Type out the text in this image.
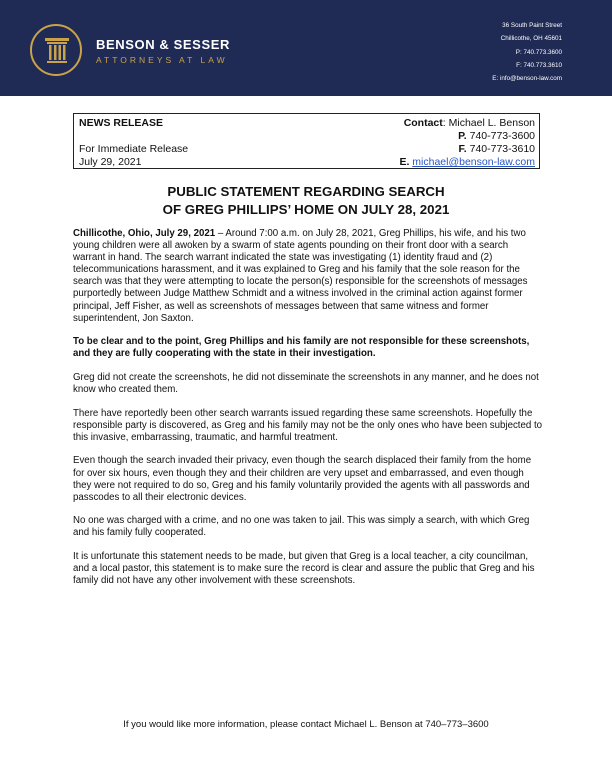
BENSON & SESSER
ATTORNEYS AT LAW
36 South Paint Street
Chillicothe, OH 45601
P: 740.773.3600
F: 740.773.3610
E: info@benson-law.com
NEWS RELEASE
For Immediate Release
July 29, 2021
Contact: Michael L. Benson
P. 740-773-3600
F. 740-773-3610
E. michael@benson-law.com
PUBLIC STATEMENT REGARDING SEARCH
OF GREG PHILLIPS’ HOME ON JULY 28, 2021

Chillicothe, Ohio, July 29, 2021 – Around 7:00 a.m. on July 28, 2021, Greg Phillips, his wife, and his two young children were all awoken by a swarm of state agents pounding on their front door with a search warrant in hand. The search warrant indicated the state was investigating (1) identity fraud and (2) telecommunications harassment, and it was explained to Greg and his family that the sole reason for the search was that they were attempting to locate the person(s) responsible for the screenshots of messages purportedly between Judge Matthew Schmidt and a witness involved in the criminal action against former principal, Jeff Fisher, as well as screenshots of messages between that same witness and former superintendent, Jon Saxton.

To be clear and to the point, Greg Phillips and his family are not responsible for these screenshots, and they are fully cooperating with the state in their investigation.

Greg did not create the screenshots, he did not disseminate the screenshots in any manner, and he does not know who created them.

There have reportedly been other search warrants issued regarding these same screenshots. Hopefully the responsible party is discovered, as Greg and his family may not be the only ones who have been subjected to this invasive, embarrassing, traumatic, and harmful treatment.

Even though the search invaded their privacy, even though the search displaced their family from the home for over six hours, even though they and their children are very upset and embarrassed, and even though they were not required to do so, Greg and his family voluntarily provided the agents with all passwords and passcodes to all their electronic devices.

No one was charged with a crime, and no one was taken to jail. This was simply a search, with which Greg and his family fully cooperated.

It is unfortunate this statement needs to be made, but given that Greg is a local teacher, a city councilman, and a local pastor, this statement is to make sure the record is clear and assure the public that Greg and his family did not have any other involvement with these screenshots.

If you would like more information, please contact Michael L. Benson at 740–773–3600
